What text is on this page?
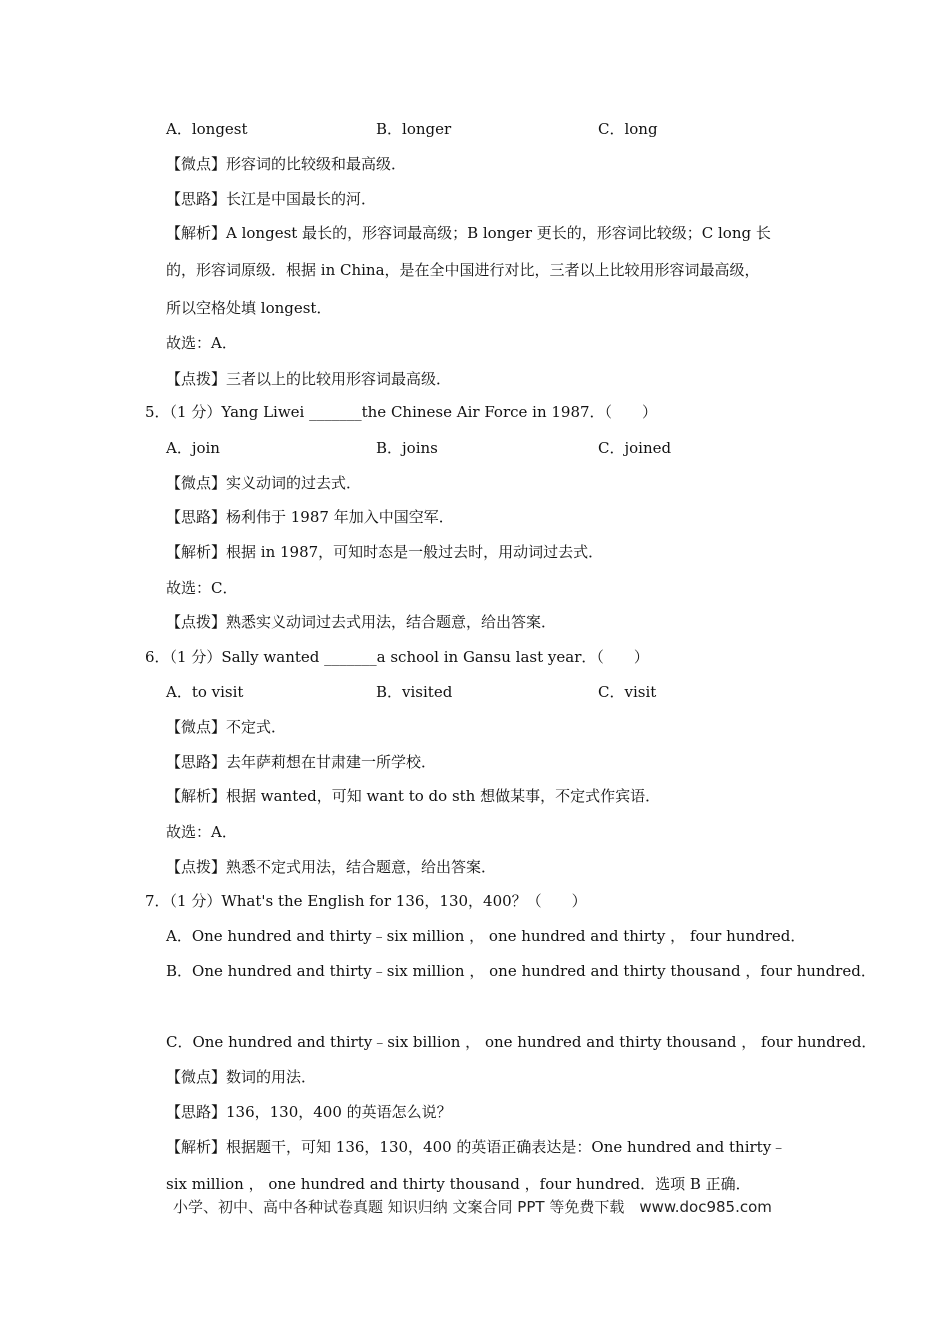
A．longest	B．longer	C．long
【微点】形容词的比较级和最高级．
【思路】长江是中国最长的河．
【解析】A longest 最长的，形容词最高级；B longer 更长的，形容词比较级；C long 长
的，形容词原级．根据 in China，是在全中国进行对比，三者以上比较用形容词最高级，
所以空格处填 longest．
故选：A．
【点拨】三者以上的比较用形容词最高级．
5．（1 分）Yang Liwei _______the Chinese Air Force in 1987．（　　）
A．join	B．joins	C．joined
【微点】实义动词的过去式．
【思路】杨利伟于 1987 年加入中国空军．
【解析】根据 in 1987，可知时态是一般过去时，用动词过去式．
故选：C．
【点拨】熟悉实义动词过去式用法，结合题意，给出答案．
6．（1 分）Sally wanted _______a school in Gansu last year．（　　）
A．to visit	B．visited	C．visit
【微点】不定式．
【思路】去年萨莉想在甘肃建一所学校．
【解析】根据 wanted，可知 want to do sth 想做某事，不定式作宾语．
故选：A．
【点拨】熟悉不定式用法，结合题意，给出答案．
7．（1 分）What's the English for 136，130，400？（　　）
A．One hundred and thirty﹣six million ， one hundred and thirty ， four hundred．
B．One hundred and thirty﹣six million ， one hundred and thirty thousand ，four hundred．
C．One hundred and thirty﹣six billion ， one hundred and thirty thousand ， four hundred．
【微点】数词的用法．
【思路】136，130，400 的英语怎么说？
【解析】根据题干，可知 136，130，400 的英语正确表达是：One hundred and thirty﹣
six million ， one hundred and thirty thousand ，four hundred．选项 B 正确．
小学、初中、高中各种试卷真题 知识归纳 文案合同 PPT 等免费下载　www.doc985.com
